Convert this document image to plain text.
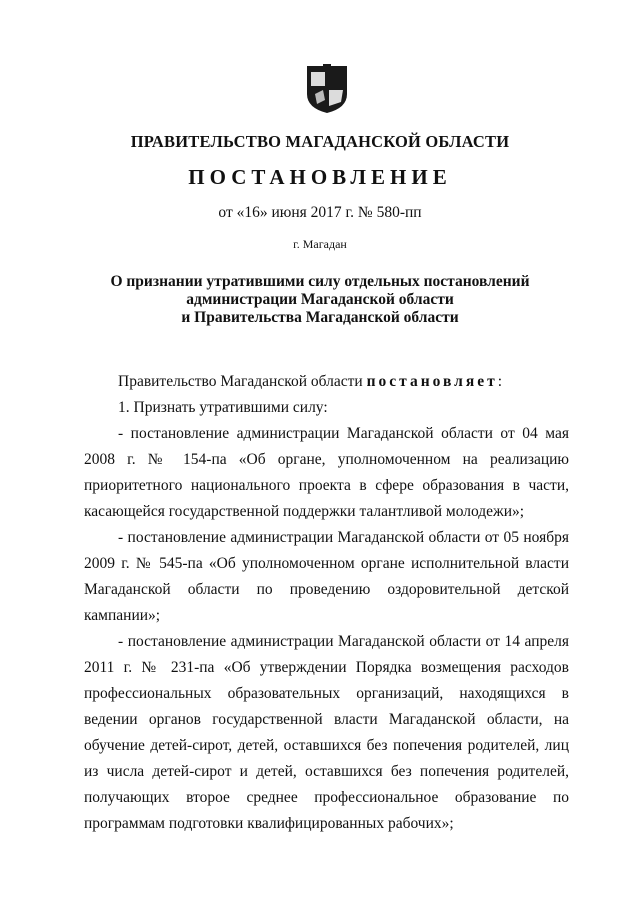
ПРАВИТЕЛЬСТВО МАГАДАНСКОЙ ОБЛАСТИ
ПОСТАНОВЛЕНИЕ
от «16» июня 2017 г. № 580-пп
г. Магадан
О признании утратившими силу отдельных постановлений
администрации Магаданской области
и Правительства Магаданской области

Правительство Магаданской области постановляет:

1. Признать утратившими силу:

- постановление администрации Магаданской области от 04 мая 2008 г. № 154-па «Об органе, уполномоченном на реализацию приоритетного национального проекта в сфере образования в части, касающейся государственной поддержки талантливой молодежи»;

- постановление администрации Магаданской области от 05 ноября 2009 г. № 545-па «Об уполномоченном органе исполнительной власти Магаданской области по проведению оздоровительной детской кампании»;

- постановление администрации Магаданской области от 14 апреля 2011 г. № 231-па «Об утверждении Порядка возмещения расходов профессиональных образовательных организаций, находящихся в ведении органов государственной власти Магаданской области, на обучение детей-сирот, детей, оставшихся без попечения родителей, лиц из числа детей-сирот и детей, оставшихся без попечения родителей, получающих второе среднее профессиональное образование по программам подготовки квалифицированных рабочих»;
